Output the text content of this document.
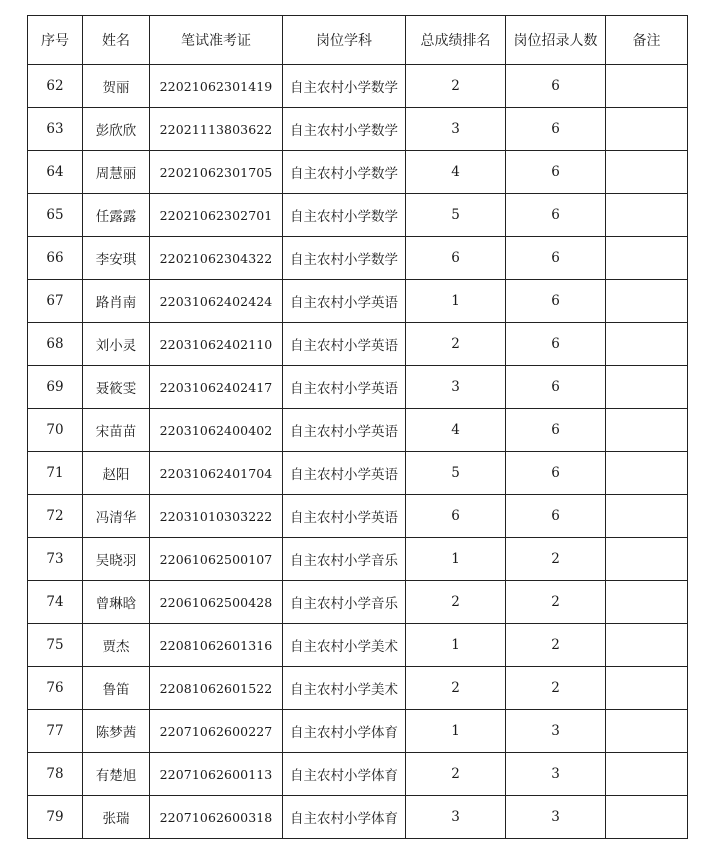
序号	姓名	笔试准考证	岗位学科	总成绩排名	岗位招录人数	备注
62	贺丽	22021062301419	自主农村小学数学	2	6	
63	彭欣欣	22021113803622	自主农村小学数学	3	6	
64	周慧丽	22021062301705	自主农村小学数学	4	6	
65	任露露	22021062302701	自主农村小学数学	5	6	
66	李安琪	22021062304322	自主农村小学数学	6	6	
67	路肖南	22031062402424	自主农村小学英语	1	6	
68	刘小灵	22031062402110	自主农村小学英语	2	6	
69	聂筱雯	22031062402417	自主农村小学英语	3	6	
70	宋苗苗	22031062400402	自主农村小学英语	4	6	
71	赵阳	22031062401704	自主农村小学英语	5	6	
72	冯清华	22031010303222	自主农村小学英语	6	6	
73	吴晓羽	22061062500107	自主农村小学音乐	1	2	
74	曾琳晗	22061062500428	自主农村小学音乐	2	2	
75	贾杰	22081062601316	自主农村小学美术	1	2	
76	鲁笛	22081062601522	自主农村小学美术	2	2	
77	陈梦茜	22071062600227	自主农村小学体育	1	3	
78	有楚旭	22071062600113	自主农村小学体育	2	3	
79	张瑞	22071062600318	自主农村小学体育	3	3	
